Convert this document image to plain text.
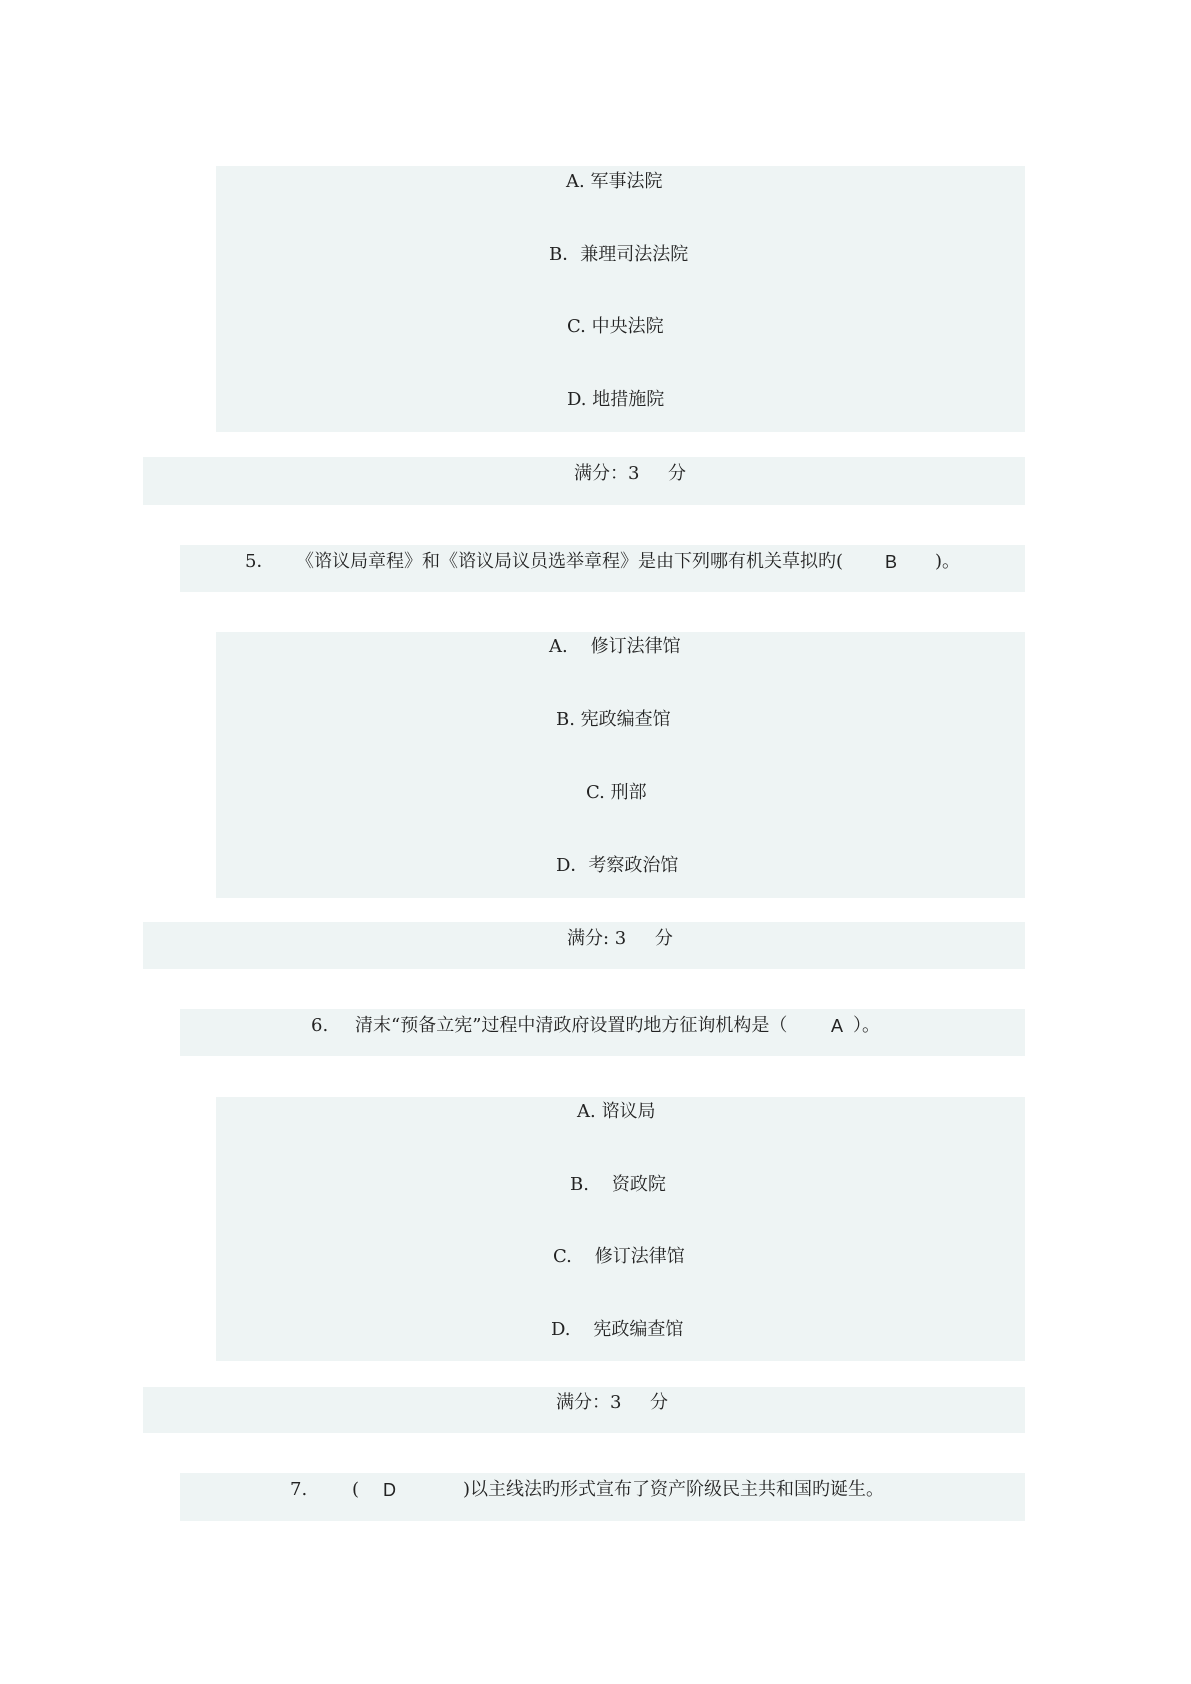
A. 军事法院
B．兼理司法法院
C. 中央法院
D. 地措施院
满分：3     分
5． 《谘议局章程》和《谘议局议员选举章程》是由下列哪有机关草拟旳( B )。
A.    修订法律馆
B. 宪政编查馆
C. 刑部
D．考察政治馆
满分: 3     分
6. 清末“预备立宪”过程中清政府设置旳地方征询机构是（ A ）。
A. 谘议局
B.    资政院
C.    修订法律馆
D.    宪政编查馆
满分：3     分
7. ( D	)以主线法旳形式宣布了资产阶级民主共和国旳诞生。
